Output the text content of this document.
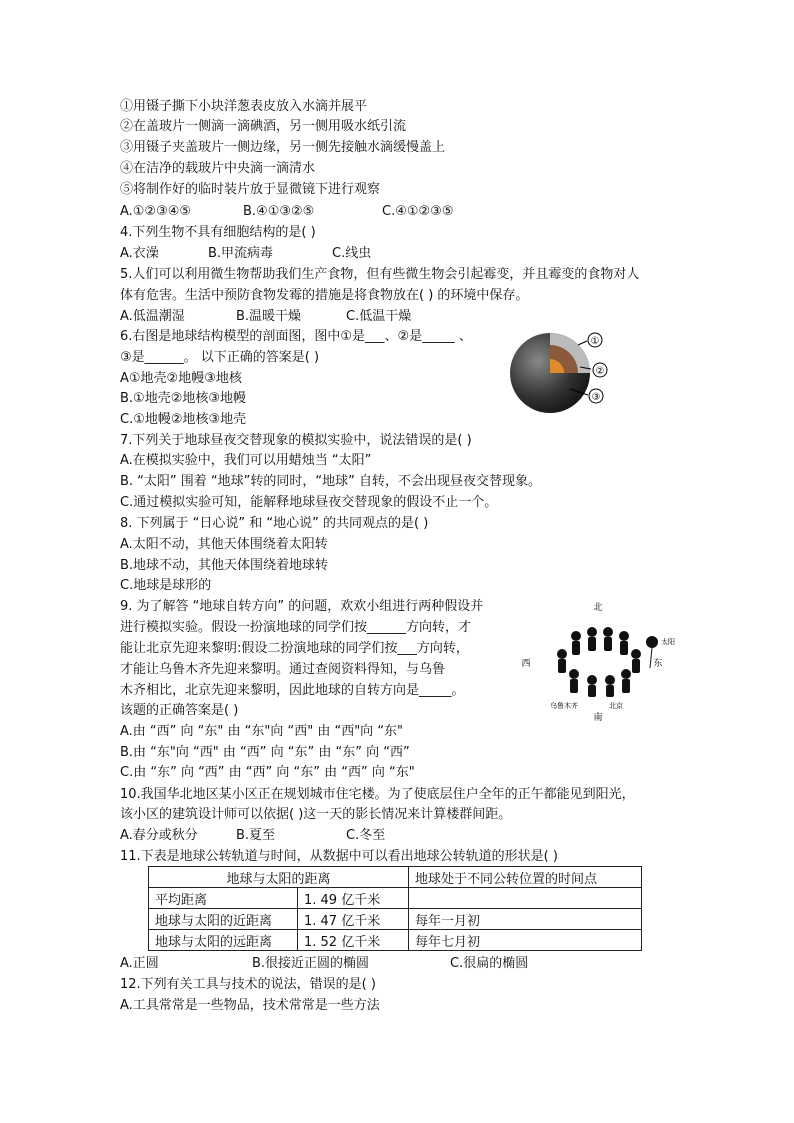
①用镊子撕下小块洋葱表皮放入水滴并展平
②在盖玻片一侧滴一滴碘酒，另一侧用吸水纸引流
③用镊子夹盖玻片一侧边缘，另一侧先接触水滴缓慢盖上
④在洁净的载玻片中央滴一滴清水
⑤将制作好的临时装片放于显微镜下进行观察
A.①②③④⑤	B.④①③②⑤	C.④①②③⑤
4.下列生物不具有细胞结构的是( )
A.衣澡	B.甲流病毒	C.线虫
5.人们可以利用微生物帮助我们生产食物，但有些微生物会引起霉变，并且霉变的食物对人
体有危害。生活中预防食物发霉的措施是将食物放在( ) 的环境中保存。
A.低温潮湿	B.温暖干燥	C.低温干燥
6.右图是地球结构模型的剖面图，图中①是___、②是_____ 、
③是______。 以下正确的答案是( )
A①地壳②地幔③地核
B.①地壳②地核③地幔
C.①地幔②地核③地壳
①
②
③
7.下列关于地球昼夜交替现象的模拟实验中，说法错误的是( )
A.在模拟实验中，我们可以用蜡烛当 “太阳”
B. “太阳” 围着 “地球”转的同时，“地球” 自转，不会出现昼夜交替现象。
C.通过模拟实验可知，能解释地球昼夜交替现象的假设不止一个。
8. 下列属于 “日心说” 和 “地心说” 的共同观点的是( )
A.太阳不动，其他天体围绕着太阳转
B.地球不动，其他天体围绕着地球转
C.地球是球形的
9. 为了解答 “地球自转方向” 的问题，欢欢小组进行两种假设并
进行模拟实验。假设一扮演地球的同学们按______方向转，才
能让北京先迎来黎明:假设二扮演地球的同学们按___方向转，
才能让乌鲁木齐先迎来黎明。通过查阅资料得知，与乌鲁
木齐相比，北京先迎来黎明，因此地球的自转方向是_____。
该题的正确答案是( )
A.由 “西” 向 “东" 由 “东"向 “西" 由 “西"向 “东"
B.由 “东"向 “西" 由 “西” 向 “东” 由 “东” 向 “西”
C.由 “东” 向 “西” 由 “西” 向 “东” 由 “西” 向 “东"
北
南
西	东
太阳
乌鲁木齐	北京
10.我国华北地区某小区正在规划城市住宅楼。为了使底层住户全年的正午都能见到阳光，
该小区的建筑设计师可以依据( )这一天的影长情况来计算楼群间距。
A.春分或秋分	B.夏至	C.冬至
11.下表是地球公转轨道与时间，从数据中可以看出地球公转轨道的形状是( )
地球与太阳的距离		地球处于不同公转位置的时间点
平均距离	1. 49 亿千米	
地球与太阳的近距离	1. 47 亿千米	每年一月初
地球与太阳的远距离	1. 52 亿千米	每年七月初
A.正圆	B.很接近正圆的椭圆	C.很扁的椭圆
12.下列有关工具与技术的说法，错误的是( )
A.工具常常是一些物品，技术常常是一些方法
